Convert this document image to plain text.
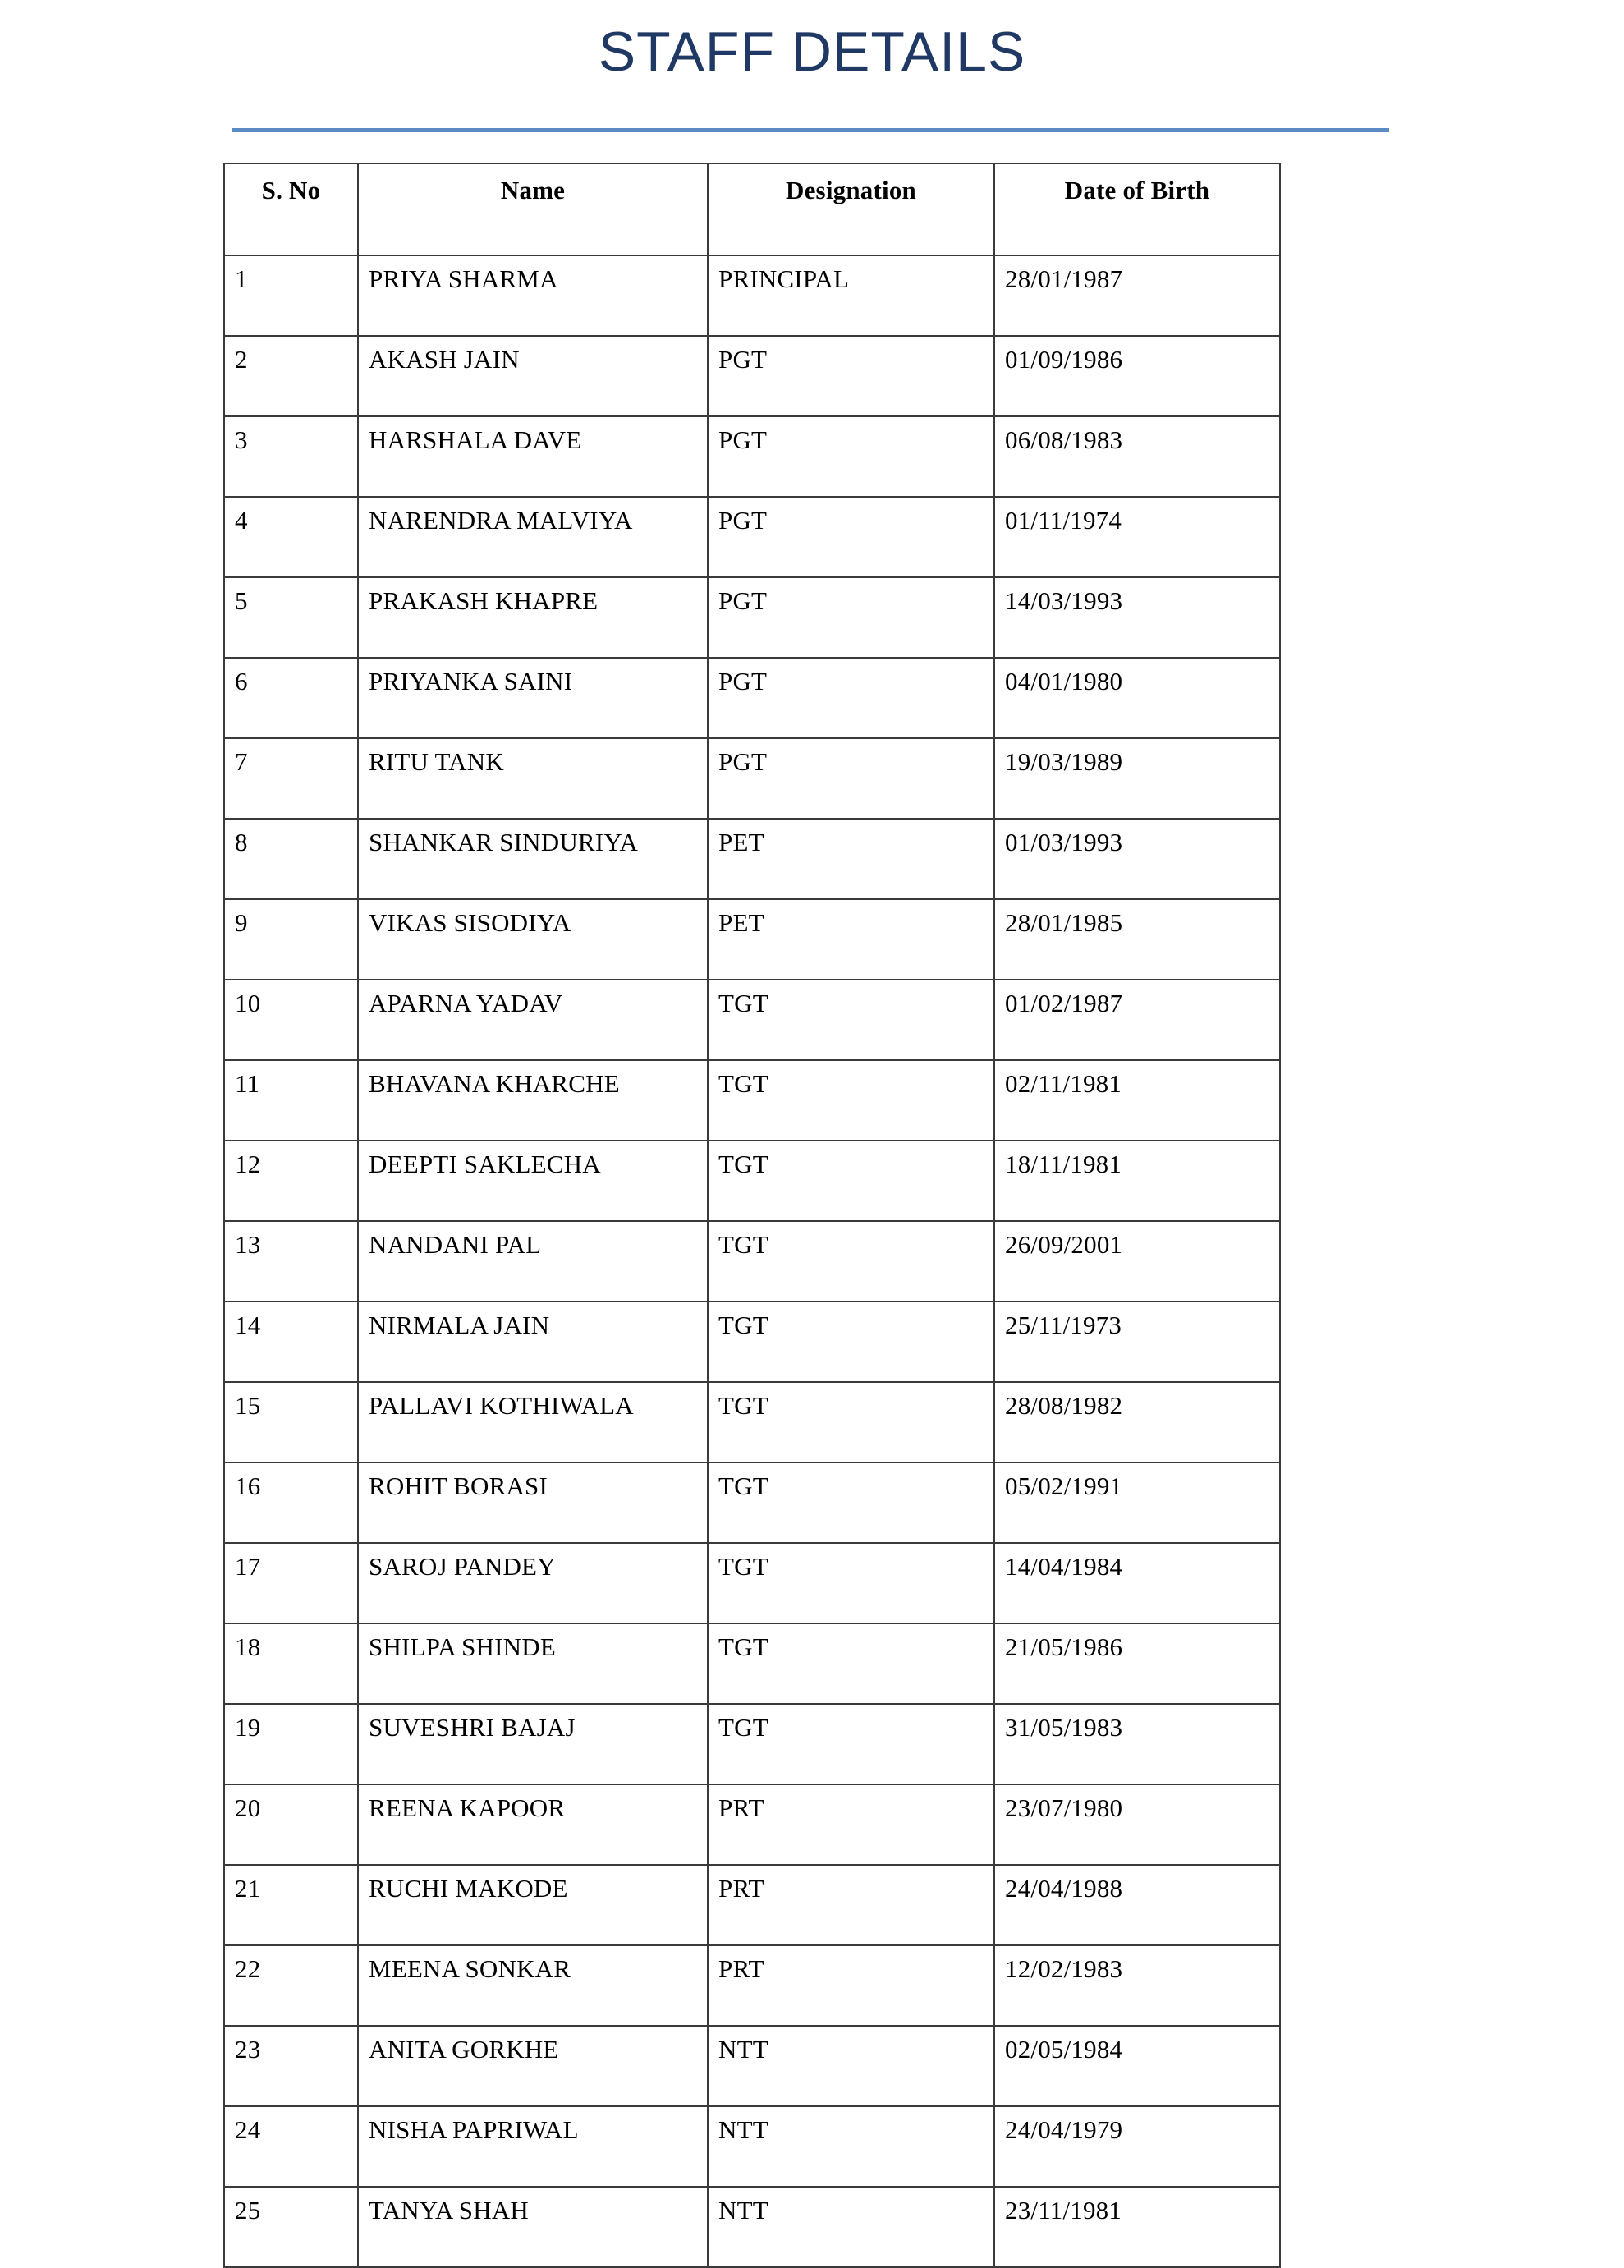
STAFF DETAILS
S. No	Name	Designation	Date of Birth
1	PRIYA SHARMA	PRINCIPAL	28/01/1987
2	AKASH JAIN	PGT	01/09/1986
3	HARSHALA DAVE	PGT	06/08/1983
4	NARENDRA MALVIYA	PGT	01/11/1974
5	PRAKASH KHAPRE	PGT	14/03/1993
6	PRIYANKA SAINI	PGT	04/01/1980
7	RITU TANK	PGT	19/03/1989
8	SHANKAR SINDURIYA	PET	01/03/1993
9	VIKAS SISODIYA	PET	28/01/1985
10	APARNA YADAV	TGT	01/02/1987
11	BHAVANA KHARCHE	TGT	02/11/1981
12	DEEPTI SAKLECHA	TGT	18/11/1981
13	NANDANI PAL	TGT	26/09/2001
14	NIRMALA JAIN	TGT	25/11/1973
15	PALLAVI KOTHIWALA	TGT	28/08/1982
16	ROHIT BORASI	TGT	05/02/1991
17	SAROJ PANDEY	TGT	14/04/1984
18	SHILPA SHINDE	TGT	21/05/1986
19	SUVESHRI BAJAJ	TGT	31/05/1983
20	REENA KAPOOR	PRT	23/07/1980
21	RUCHI MAKODE	PRT	24/04/1988
22	MEENA SONKAR	PRT	12/02/1983
23	ANITA GORKHE	NTT	02/05/1984
24	NISHA PAPRIWAL	NTT	24/04/1979
25	TANYA SHAH	NTT	23/11/1981
